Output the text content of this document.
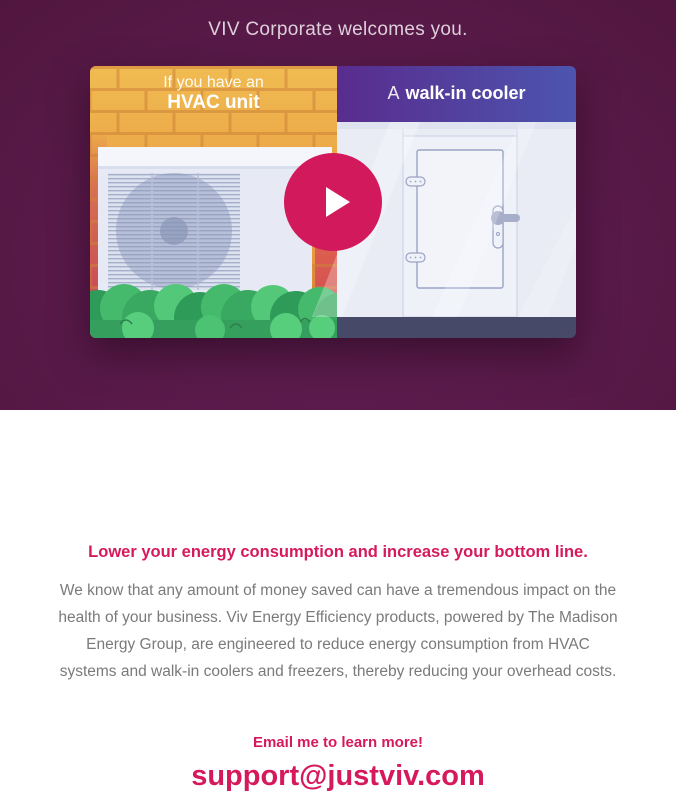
VIV Corporate welcomes you.
If you have an
HVAC unit	A walk-in cooler
Lower your energy consumption and increase your bottom line.

We know that any amount of money saved can have a tremendous impact on the health of your business. Viv Energy Efficiency products, powered by The Madison Energy Group, are engineered to reduce energy consumption from HVAC systems and walk-in coolers and freezers, thereby reducing your overhead costs.

Email me to learn more!
support@justviv.com
